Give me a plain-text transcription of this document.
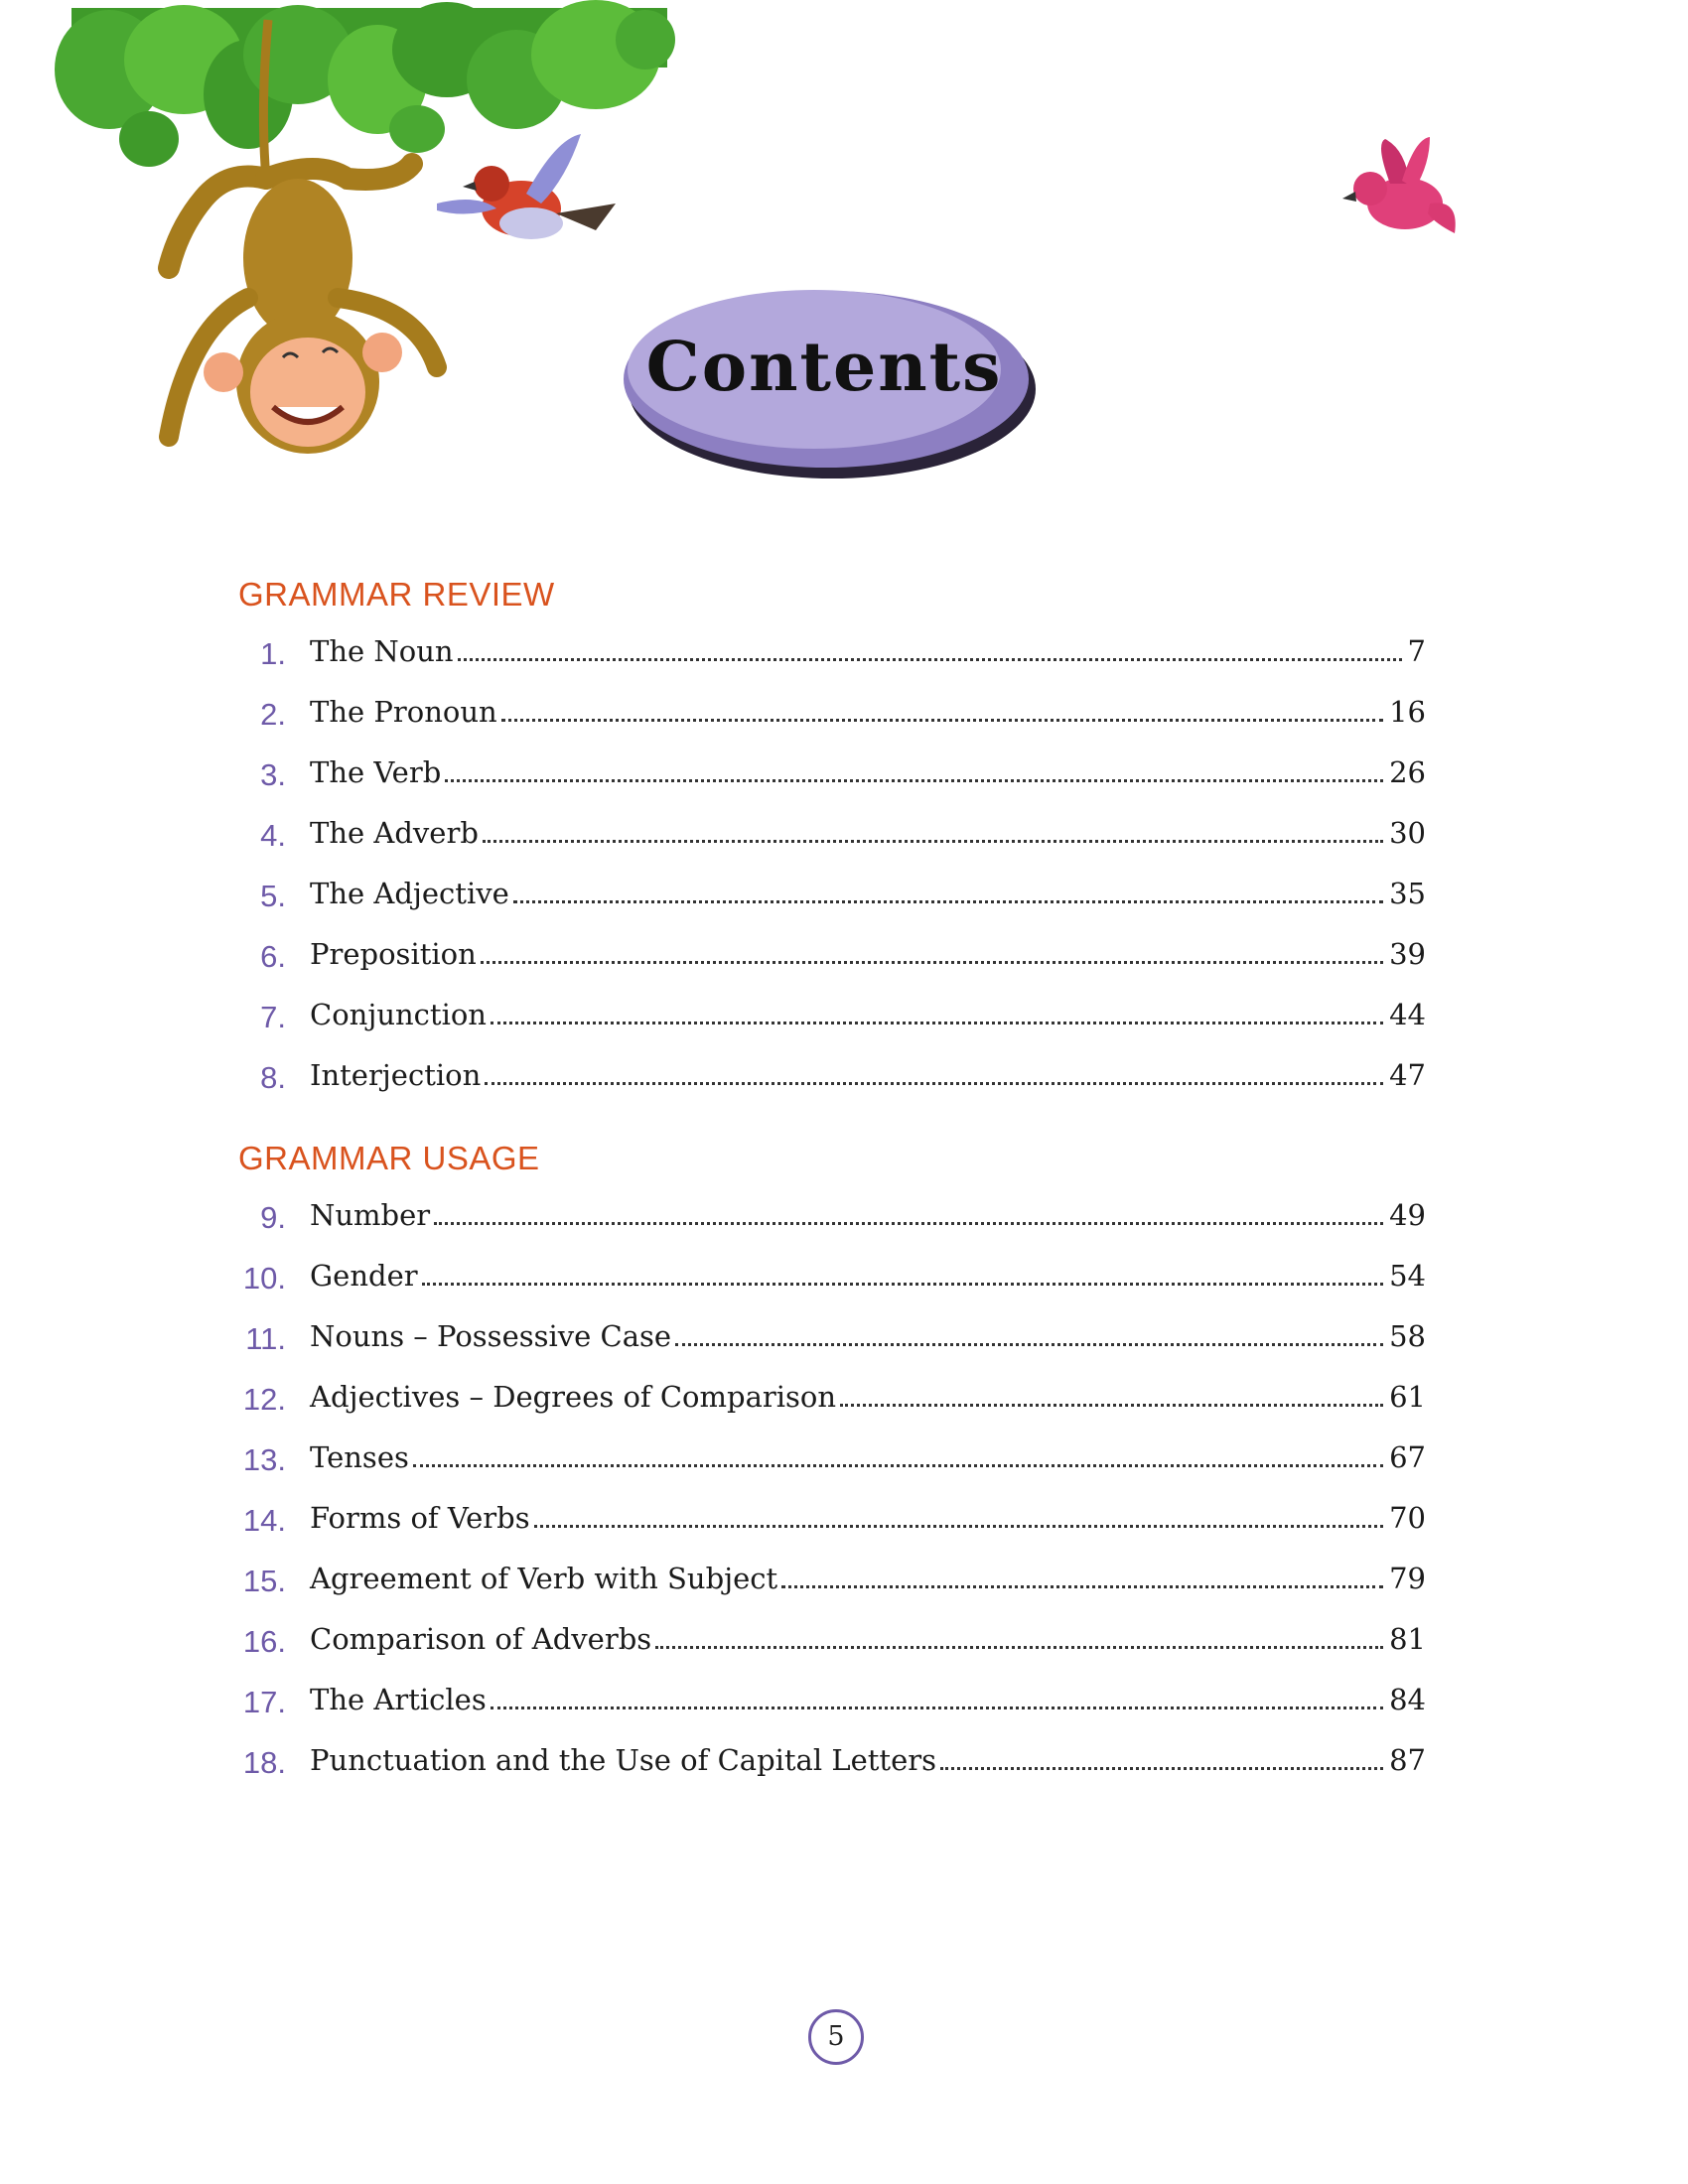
Contents
GRAMMAR REVIEW
1. The Noun	7
2. The Pronoun	16
3. The Verb	26
4. The Adverb	30
5. The Adjective	35
6. Preposition	39
7. Conjunction	44
8. Interjection	47
GRAMMAR USAGE
9. Number	49
10. Gender	54
11. Nouns – Possessive Case	58
12. Adjectives – Degrees of Comparison	61
13. Tenses	67
14. Forms of Verbs	70
15. Agreement of Verb with Subject	79
16. Comparison of Adverbs	81
17. The Articles	84
18. Punctuation and the Use of Capital Letters	87
5
